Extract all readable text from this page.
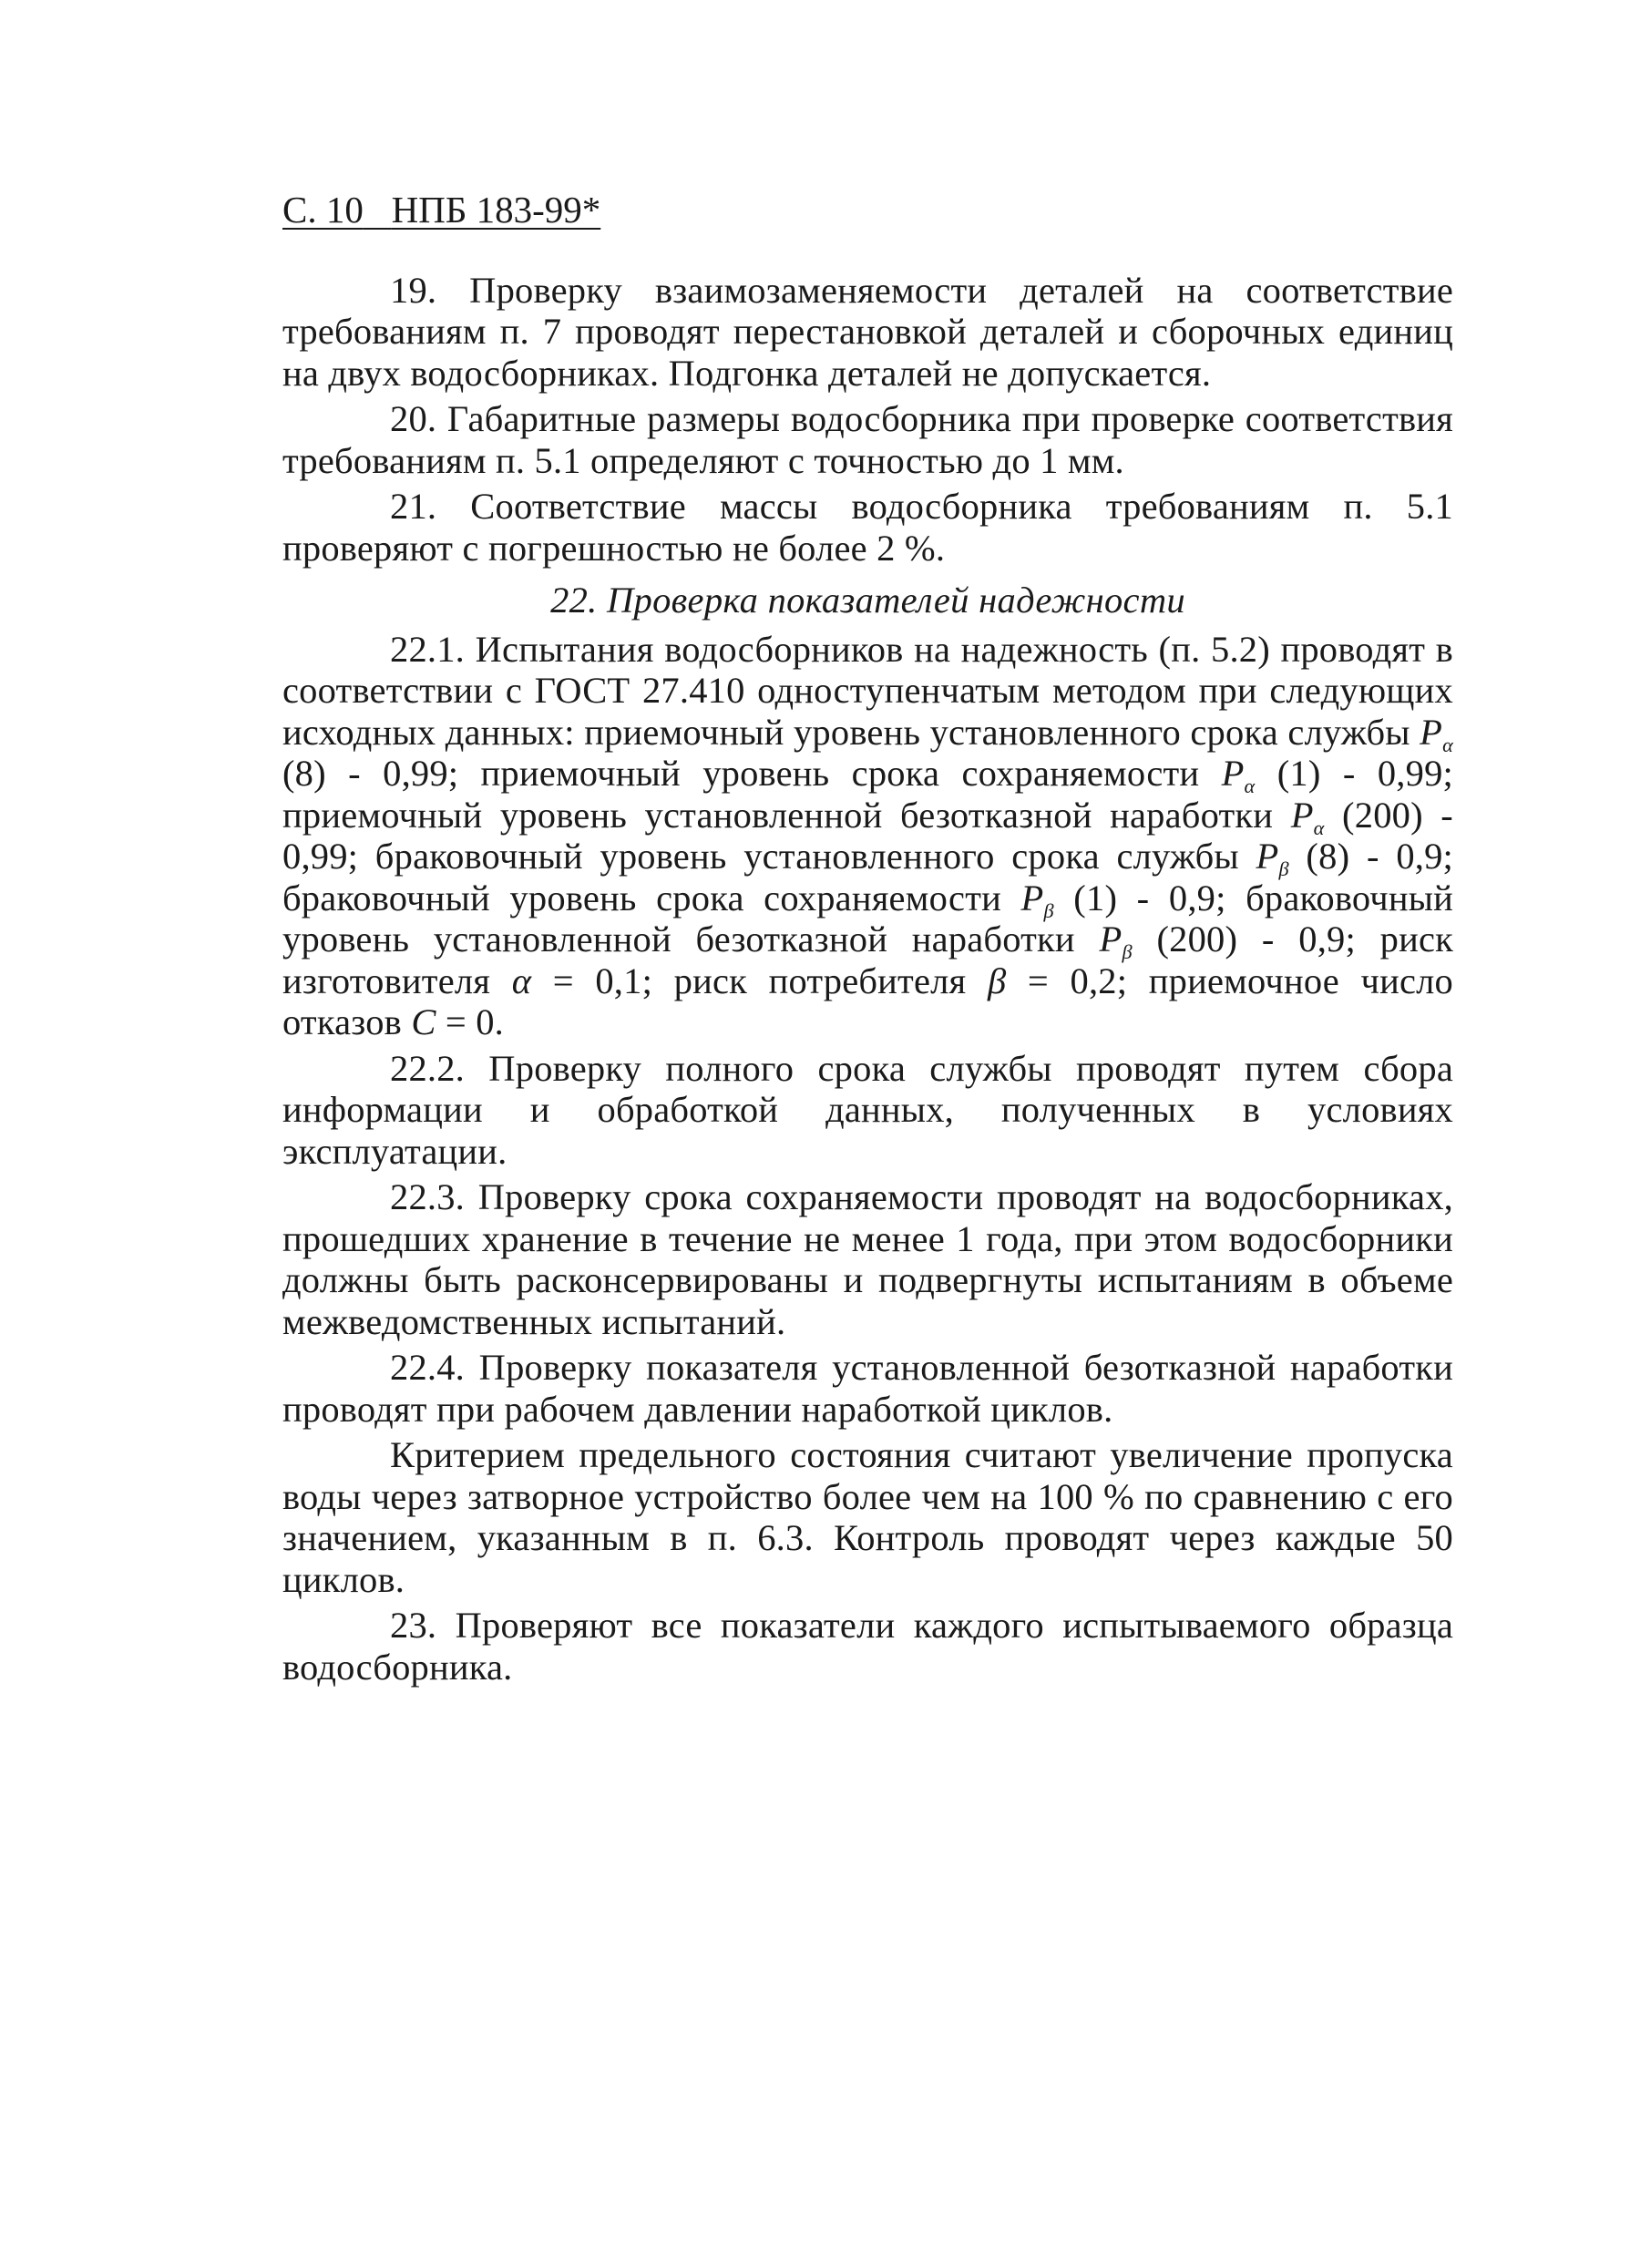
С. 10 НПБ 183-99*

19. Проверку взаимозаменяемости деталей на соответствие требованиям п. 7 проводят перестановкой деталей и сборочных единиц на двух водосборниках. Подгонка деталей не допускается.

20. Габаритные размеры водосборника при проверке соответствия требованиям п. 5.1 определяют с точностью до 1 мм.

21. Соответствие массы водосборника требованиям п. 5.1 проверяют с погрешностью не более 2 %.

22. Проверка показателей надежности

22.1. Испытания водосборников на надежность (п. 5.2) проводят в соответствии с ГОСТ 27.410 одноступенчатым методом при следующих исходных данных: приемочный уровень установленного срока службы $P_\alpha$ (8) - 0,99; приемочный уровень срока сохраняемости $P_\alpha$ (1) - 0,99; приемочный уровень установленной безотказной наработки $P_\alpha$ (200) - 0,99; браковочный уровень установленного срока службы $P_\beta$ (8) - 0,9; браковочный уровень срока сохраняемости $P_\beta$ (1) - 0,9; браковочный уровень установленной безотказной наработки $P_\beta$ (200) - 0,9; риск изготовителя α = 0,1; риск потребителя β = 0,2; приемочное число отказов C = 0.

22.2. Проверку полного срока службы проводят путем сбора информации и обработкой данных, полученных в условиях эксплуатации.

22.3. Проверку срока сохраняемости проводят на водосборниках, прошедших хранение в течение не менее 1 года, при этом водосборники должны быть расконсервированы и подвергнуты испытаниям в объеме межведомственных испытаний.

22.4. Проверку показателя установленной безотказной наработки проводят при рабочем давлении наработкой циклов.

Критерием предельного состояния считают увеличение пропуска воды через затворное устройство более чем на 100 % по сравнению с его значением, указанным в п. 6.3. Контроль проводят через каждые 50 циклов.

23. Проверяют все показатели каждого испытываемого образца водосборника.
